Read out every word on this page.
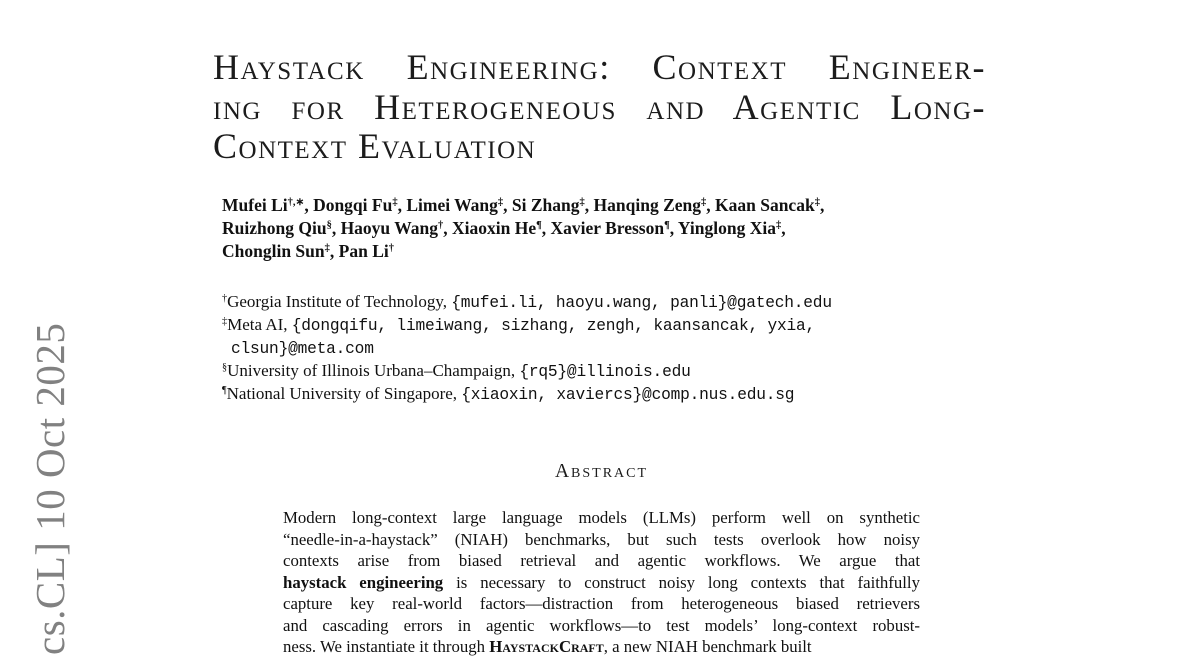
cs.CL] 10 Oct 2025
Haystack Engineering: Context Engineer-
ing for Heterogeneous and Agentic Long-
Context Evaluation
Mufei Li†,∗, Dongqi Fu‡, Limei Wang‡, Si Zhang‡, Hanqing Zeng‡, Kaan Sancak‡,
Ruizhong Qiu§, Haoyu Wang†, Xiaoxin He¶, Xavier Bresson¶, Yinglong Xia‡,
Chonglin Sun‡, Pan Li†
†Georgia Institute of Technology, {mufei.li, haoyu.wang, panli}@gatech.edu
‡Meta AI, {dongqifu, limeiwang, sizhang, zengh, kaansancak, yxia,
clsun}@meta.com
§University of Illinois Urbana–Champaign, {rq5}@illinois.edu
¶National University of Singapore, {xiaoxin, xaviercs}@comp.nus.edu.sg
Abstract
Modern long-context large language models (LLMs) perform well on synthetic
“needle-in-a-haystack” (NIAH) benchmarks, but such tests overlook how noisy
contexts arise from biased retrieval and agentic workflows. We argue that
haystack engineering is necessary to construct noisy long contexts that faithfully
capture key real-world factors—distraction from heterogeneous biased retrievers
and cascading errors in agentic workflows—to test models’ long-context robust-
ness. We instantiate it through HaystackCraft, a new NIAH benchmark built
